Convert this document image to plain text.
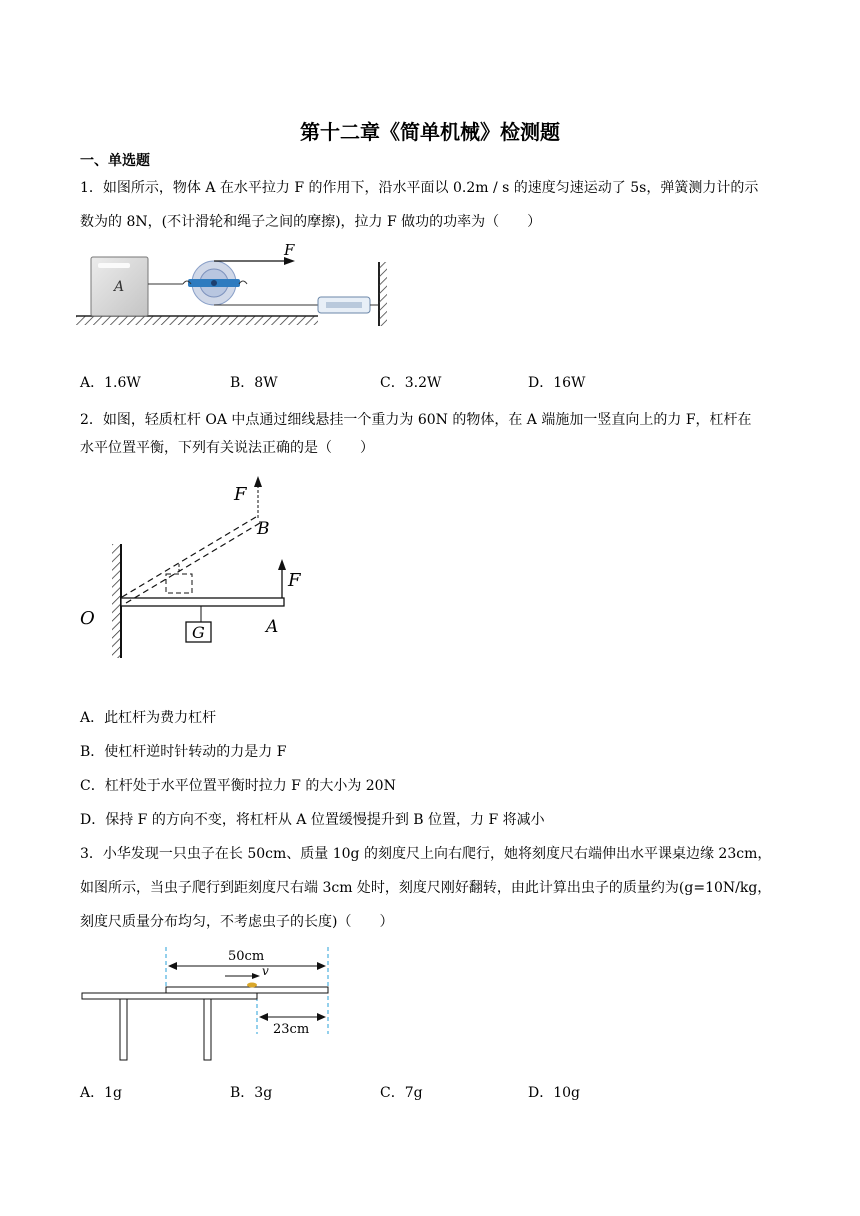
第十二章《简单机械》检测题
一、单选题
1．如图所示，物体 A 在水平拉力 F 的作用下，沿水平面以 0.2m / s 的速度匀速运动了 5s，弹簧测力计的示
数为的 8N，(不计滑轮和绳子之间的摩擦)，拉力 F 做功的功率为（　　）
A
F
A．1.6W	B．8W	C．3.2W	D．16W
2．如图，轻质杠杆 OA 中点通过细线悬挂一个重力为 60N 的物体，在 A 端施加一竖直向上的力 F，杠杆在
水平位置平衡，下列有关说法正确的是（　　）
G
F
B
F
A
O
A．此杠杆为费力杠杆
B．使杠杆逆时针转动的力是力 F
C．杠杆处于水平位置平衡时拉力 F 的大小为 20N
D．保持 F 的方向不变，将杠杆从 A 位置缓慢提升到 B 位置，力 F 将减小
3．小华发现一只虫子在长 50cm、质量 10g 的刻度尺上向右爬行，她将刻度尺右端伸出水平课桌边缘 23cm，
如图所示，当虫子爬行到距刻度尺右端 3cm 处时，刻度尺刚好翻转，由此计算出虫子的质量约为(g=10N/kg，
刻度尺质量分布均匀，不考虑虫子的长度)（　　）
50cm
v
23cm
A．1g	B．3g	C．7g	D．10g
